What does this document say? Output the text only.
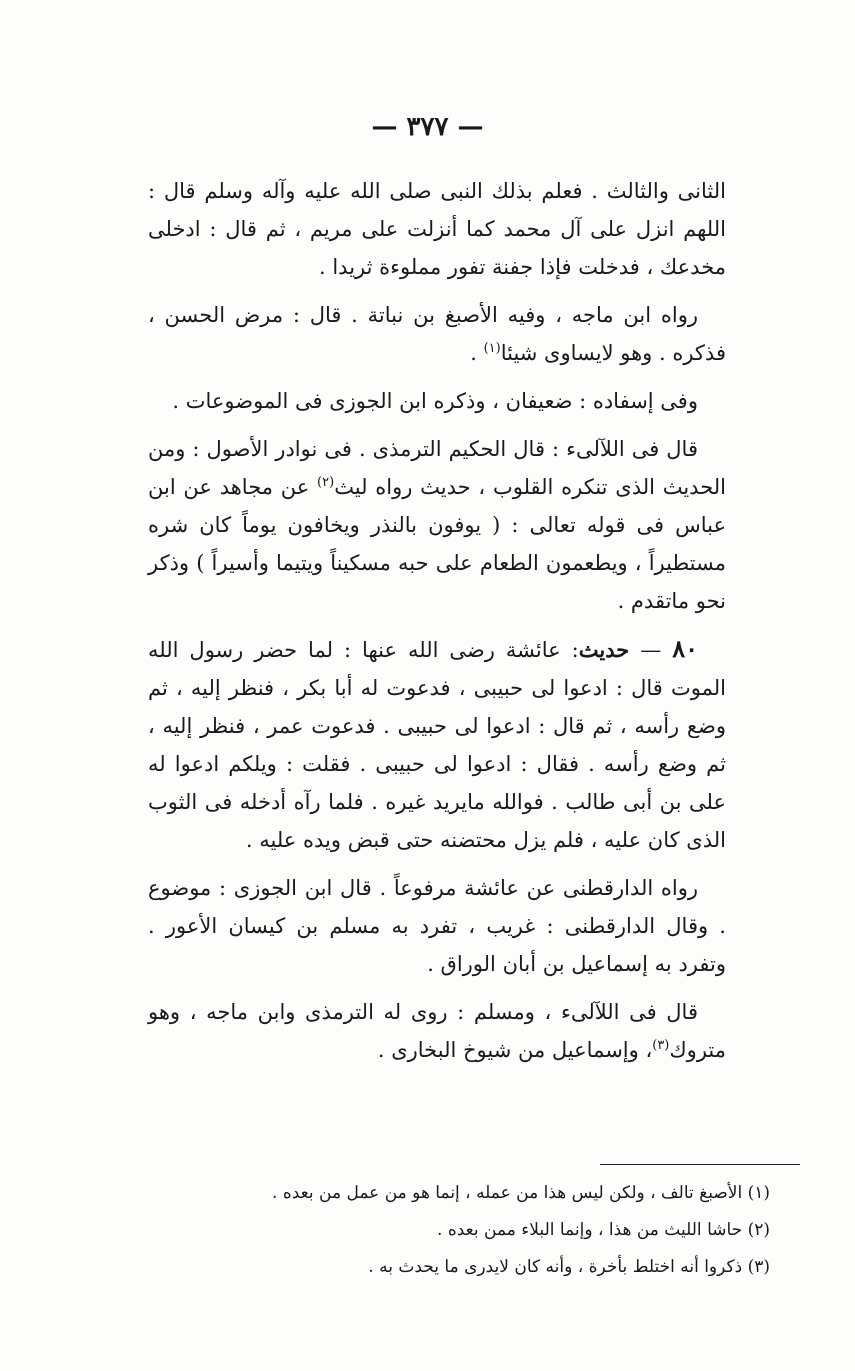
— ٣٧٧ —

الثانى والثالث . فعلم بذلك النبى صلى الله عليه وآله وسلم قال : اللهم انزل على آل محمد كما أنزلت على مريم ، ثم قال : ادخلى مخدعك ، فدخلت فإذا جفنة تفور مملوءة ثريدا .

رواه ابن ماجه ، وفيه الأصبغ بن نباتة . قال : مرض الحسن ، فذكره . وهو لايساوى شيئا$^{(١)}$ .

وفى إسفاده : ضعيفان ، وذكره ابن الجوزى فى الموضوعات .

قال فى اللآلىء : قال الحكيم الترمذى . فى نوادر الأصول : ومن الحديث الذى تنكره القلوب ، حديث رواه ليث$^{(٢)}$ عن مجاهد عن ابن عباس فى قوله تعالى : ( يوفون بالنذر ويخافون يوماً كان شره مستطيراً ، ويطعمون الطعام على حبه مسكيناً ويتيما وأسيراً ) وذكر نحو ماتقدم .

٨٠ — حديث: عائشة رضى الله عنها : لما حضر رسول الله الموت قال : ادعوا لى حبيبى ، فدعوت له أبا بكر ، فنظر إليه ، ثم وضع رأسه ، ثم قال : ادعوا لى حبيبى . فدعوت عمر ، فنظر إليه ، ثم وضع رأسه . فقال : ادعوا لى حبيبى . فقلت : ويلكم ادعوا له على بن أبى طالب . فوالله مايريد غيره . فلما رآه أدخله فى الثوب الذى كان عليه ، فلم يزل محتضنه حتى قبض ويده عليه .

رواه الدارقطنى عن عائشة مرفوعاً . قال ابن الجوزى : موضوع . وقال الدارقطنى : غريب ، تفرد به مسلم بن كيسان الأعور . وتفرد به إسماعيل بن أبان الوراق .

قال فى اللآلىء ، ومسلم : روى له الترمذى وابن ماجه ، وهو متروك$^{(٣)}$، وإسماعيل من شيوخ البخارى .

(١) الأصبغ تالف ، ولكن ليس هذا من عمله ، إنما هو من عمل من بعده .
(٢) حاشا الليث من هذا ، وإنما البلاء ممن بعده .
(٣) ذكروا أنه اختلط بأخرة ، وأنه كان لايدرى ما يحدث به .
